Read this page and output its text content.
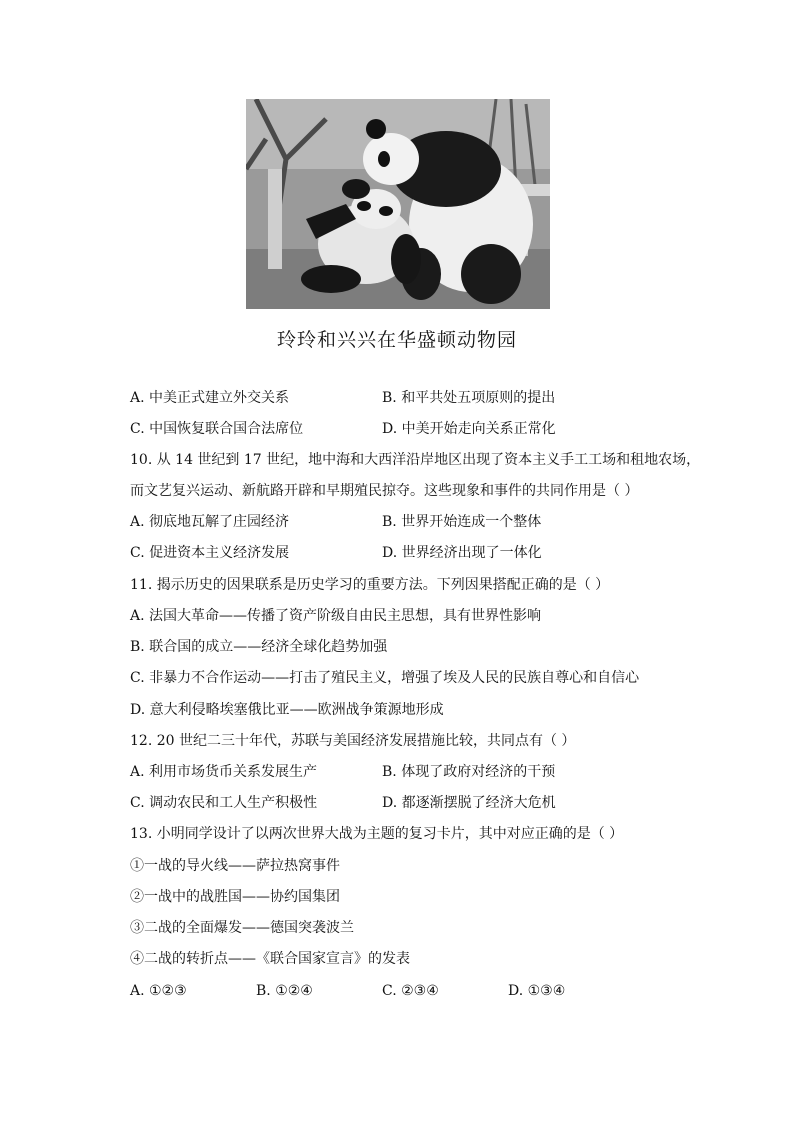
玲玲和兴兴在华盛顿动物园
A. 中美正式建立外交关系	B. 和平共处五项原则的提出
C. 中国恢复联合国合法席位	D. 中美开始走向关系正常化
10. 从 14 世纪到 17 世纪，地中海和大西洋沿岸地区出现了资本主义手工工场和租地农场，
而文艺复兴运动、新航路开辟和早期殖民掠夺。这些现象和事件的共同作用是（ ）
A. 彻底地瓦解了庄园经济	B. 世界开始连成一个整体
C. 促进资本主义经济发展	D. 世界经济出现了一体化
11. 揭示历史的因果联系是历史学习的重要方法。下列因果搭配正确的是（ ）
A. 法国大革命——传播了资产阶级自由民主思想，具有世界性影响
B. 联合国的成立——经济全球化趋势加强
C. 非暴力不合作运动——打击了殖民主义，增强了埃及人民的民族自尊心和自信心
D. 意大利侵略埃塞俄比亚——欧洲战争策源地形成
12. 20 世纪二三十年代，苏联与美国经济发展措施比较，共同点有（ ）
A. 利用市场货币关系发展生产	B. 体现了政府对经济的干预
C. 调动农民和工人生产积极性	D. 都逐渐摆脱了经济大危机
13. 小明同学设计了以两次世界大战为主题的复习卡片，其中对应正确的是（ ）
①一战的导火线——萨拉热窝事件
②一战中的战胜国——协约国集团
③二战的全面爆发——德国突袭波兰
④二战的转折点——《联合国家宣言》的发表
A. ①②③	B. ①②④	C. ②③④	D. ①③④
